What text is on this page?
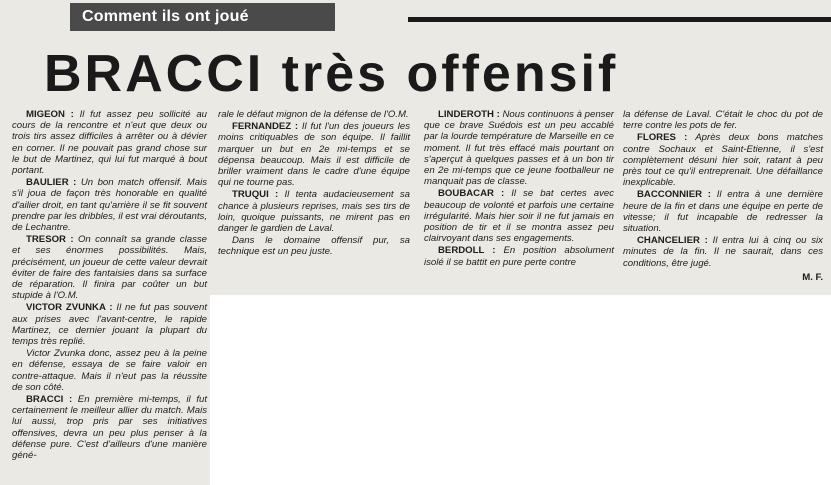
Comment ils ont joué
BRACCI très offensif

MIGEON : Il fut assez peu sollicité au cours de la rencontre et n'eut que deux ou trois tirs assez difficiles à arrêter ou à dévier en corner. Il ne pouvait pas grand chose sur le but de Martinez, qui lui fut marqué à bout portant.

BAULIER : Un bon match offensif. Mais s'il joua de façon très honorable en qualité d'ailier droit, en tant qu'arrière il se fit souvent prendre par les dribbles, il est vrai déroutants, de Lechantre.

TRESOR : On connaît sa grande classe et ses énormes possibilités. Mais, précisément, un joueur de cette valeur devrait éviter de faire des fantaisies dans sa surface de réparation. Il finira par coûter un but stupide à l'O.M.

VICTOR ZVUNKA : Il ne fut pas souvent aux prises avec l'avant-centre, le rapide Martinez, ce dernier jouant la plupart du temps très replié.

Victor Zvunka donc, assez peu à la peine en défense, essaya de se faire valoir en contre-attaque. Mais il n'eut pas la réussite de son côté.

BRACCI : En première mi-temps, il fut certainement le meilleur allier du match. Mais lui aussi, trop pris par ses initiatives offensives, devra un peu plus penser à la défense pure. C'est d'ailleurs d'une manière géné-

rale le défaut mignon de la défense de l'O.M.

FERNANDEZ : Il fut l'un des joueurs les moins critiquables de son équipe. Il faillit marquer un but en 2e mi-temps et se dépensa beaucoup. Mais il est difficile de briller vraiment dans le cadre d'une équipe qui ne tourne pas.

TRUQUI : Il tenta audacieusement sa chance à plusieurs reprises, mais ses tirs de loin, quoique puissants, ne mirent pas en danger le gardien de Laval.

Dans le domaine offensif pur, sa technique est un peu juste.

LINDEROTH : Nous continuons à penser que ce brave Suédois est un peu accablé par la lourde température de Marseille en ce moment. Il fut très effacé mais pourtant on s'aperçut à quelques passes et à un bon tir en 2e mi-temps que ce jeune footballeur ne manquait pas de classe.

BOUBACAR : Il se bat certes avec beaucoup de volonté et parfois une certaine irrégularité. Mais hier soir il ne fut jamais en position de tir et il se montra assez peu clairvoyant dans ses engagements.

BERDOLL : En position absolument isolé il se battit en pure perte contre

la défense de Laval. C'était le choc du pot de terre contre les pots de fer.

FLORES : Après deux bons matches contre Sochaux et Saint-Etienne, il s'est complètement désuni hier soir, ratant à peu près tout ce qu'il entreprenait. Une défaillance inexplicable.

BACCONNIER : Il entra à une dernière heure de la fin et dans une équipe en perte de vitesse; il fut incapable de redresser la situation.

CHANCELIER : Il entra lui à cinq ou six minutes de la fin. Il ne saurait, dans ces conditions, être jugé.

M. F.
